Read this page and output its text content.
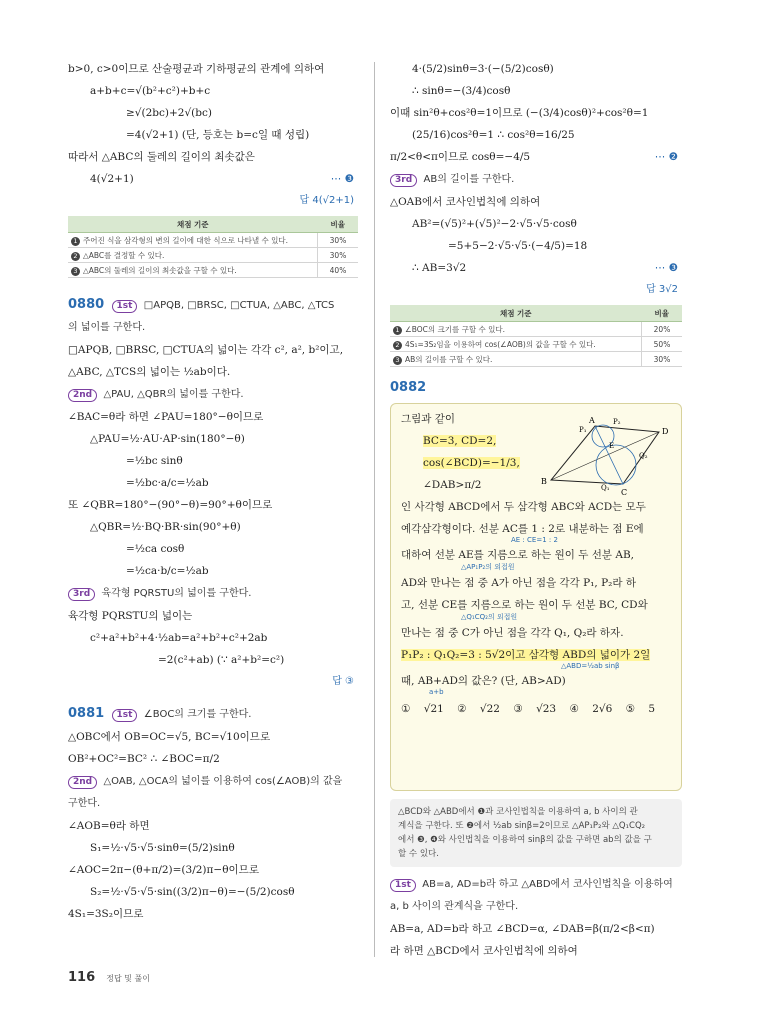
b>0, c>0이므로 산술평균과 기하평균의 관계에 의하여
a+b+c=√(b²+c²)+b+c
≥√(2bc)+2√(bc)
=4(√2+1) (단, 등호는 b=c일 때 성립)
따라서 △ABC의 둘레의 길이의 최솟값은
4(√2+1)	⋯ ❸
답 4(√2+1)
채점 기준	비율
1 주어진 식을 삼각형의 변의 길이에 대한 식으로 나타낼 수 있다.	30%
2 △ABC를 결정할 수 있다.	30%
3 △ABC의 둘레의 길이의 최솟값을 구할 수 있다.	40%
0880 1st □APQB, □BRSC, □CTUA, △ABC, △TCS
의 넓이를 구한다.
□APQB, □BRSC, □CTUA의 넓이는 각각 c², a², b²이고,
△ABC, △TCS의 넓이는 ½ab이다.
2nd △PAU, △QBR의 넓이를 구한다.
∠BAC=θ라 하면 ∠PAU=180°−θ이므로
△PAU=½·AU·AP·sin(180°−θ)
=½bc sinθ
=½bc·a/c=½ab
또 ∠QBR=180°−(90°−θ)=90°+θ이므로
△QBR=½·BQ·BR·sin(90°+θ)
=½ca cosθ
=½ca·b/c=½ab
3rd 육각형 PQRSTU의 넓이를 구한다.
육각형 PQRSTU의 넓이는
c²+a²+b²+4·½ab=a²+b²+c²+2ab
=2(c²+ab) (∵ a²+b²=c²)
답 ③
0881 1st ∠BOC의 크기를 구한다.
△OBC에서 OB=OC=√5, BC=√10이므로
OB²+OC²=BC² ∴ ∠BOC=π/2
2nd △OAB, △OCA의 넓이를 이용하여 cos(∠AOB)의 값을
구한다.
∠AOB=θ라 하면
S₁=½·√5·√5·sinθ=(5/2)sinθ
∠AOC=2π−(θ+π/2)=(3/2)π−θ이므로
S₂=½·√5·√5·sin((3/2)π−θ)=−(5/2)cosθ
4S₁=3S₂이므로
4·(5/2)sinθ=3·(−(5/2)cosθ)
∴ sinθ=−(3/4)cosθ
이때 sin²θ+cos²θ=1이므로 (−(3/4)cosθ)²+cos²θ=1
(25/16)cos²θ=1 ∴ cos²θ=16/25
π/2<θ<π이므로 cosθ=−4/5	⋯ ❷
3rd AB의 길이를 구한다.
△OAB에서 코사인법칙에 의하여
AB²=(√5)²+(√5)²−2·√5·√5·cosθ
=5+5−2·√5·√5·(−4/5)=18
∴ AB=3√2	⋯ ❸
답 3√2
채점 기준	비율
1 ∠BOC의 크기를 구할 수 있다.	20%
2 4S₁=3S₂임을 이용하여 cos(∠AOB)의 값을 구할 수 있다.	50%
3 AB의 길이를 구할 수 있다.	30%
0882
A
P₁
P₂
D
E
Q₂
B
C
Q₁
그림과 같이
BC=3, CD=2,
cos(∠BCD)=−1/3,
∠DAB>π/2
인 사각형 ABCD에서 두 삼각형 ABC와 ACD는 모두
예각삼각형이다. 선분 AC를 1 : 2로 내분하는 점 E에
AE : CE=1 : 2
대하여 선분 AE를 지름으로 하는 원이 두 선분 AB,
△AP₁P₂의 외접원
AD와 만나는 점 중 A가 아닌 점을 각각 P₁, P₂라 하
고, 선분 CE를 지름으로 하는 원이 두 선분 BC, CD와
△Q₁CQ₂의 외접원
만나는 점 중 C가 아닌 점을 각각 Q₁, Q₂라 하자.
P₁P₂ : Q₁Q₂=3 : 5√2이고 삼각형 ABD의 넓이가 2일
△ABD=½ab sinβ
때, AB+AD의 값은? (단, AB>AD)
a+b
① √21 ② √22 ③ √23 ④ 2√6 ⑤ 5
△BCD와 △ABD에서 ❶과 코사인법칙을 이용하여 a, b 사이의 관
계식을 구한다. 또 ❷에서 ½ab sinβ=2이므로 △AP₁P₂와 △Q₁CQ₂
에서 ❸, ❹와 사인법칙을 이용하여 sinβ의 값을 구하면 ab의 값을 구
할 수 있다.
1st AB=a, AD=b라 하고 △ABD에서 코사인법칙을 이용하여
a, b 사이의 관계식을 구한다.
AB=a, AD=b라 하고 ∠BCD=α, ∠DAB=β(π/2<β<π)
라 하면 △BCD에서 코사인법칙에 의하여
116 정답 및 풀이
